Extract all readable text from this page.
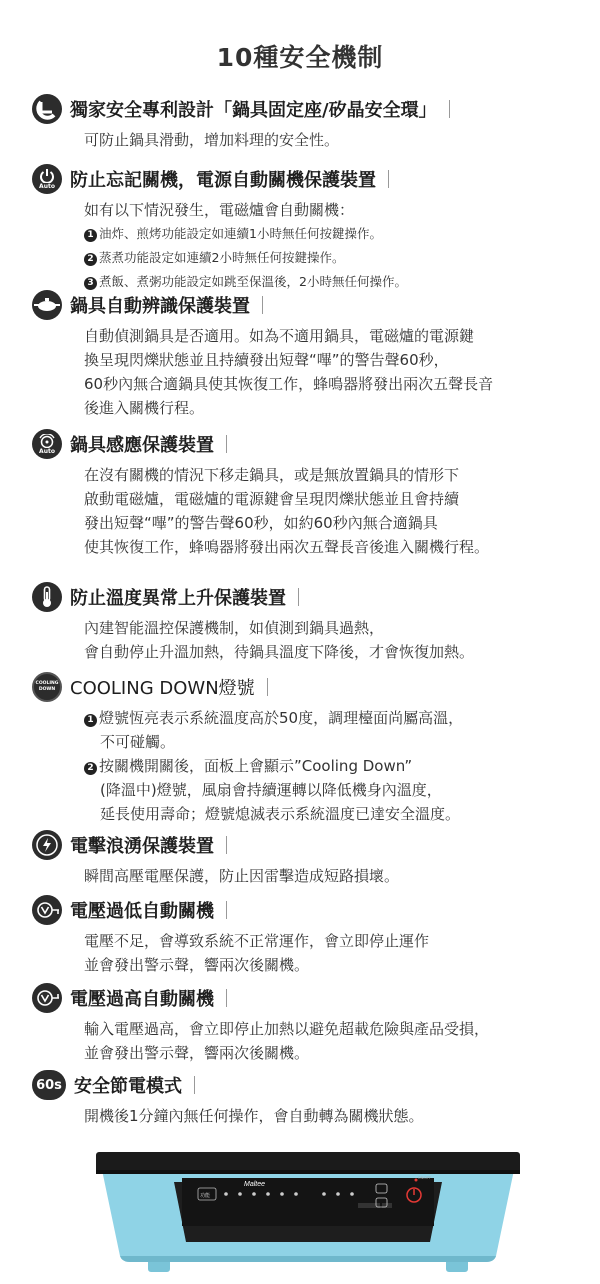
10種安全機制
獨家安全專利設計「鍋具固定座/矽晶安全環」

可防止鍋具滑動，增加料理的安全性。

Auto 防止忘記關機，電源自動關機保護裝置

如有以下情況發生，電磁爐會自動關機：

1 油炸、煎烤功能設定如連續1小時無任何按鍵操作。

2 蒸煮功能設定如連續2小時無任何按鍵操作。

3 煮飯、煮粥功能設定如跳至保溫後，2小時無任何操作。

鍋具自動辨識保護裝置

自動偵測鍋具是否適用。如為不適用鍋具，電磁爐的電源鍵

換呈現閃爍狀態並且持續發出短聲“嗶”的警告聲60秒，

60秒內無合適鍋具使其恢復工作，蜂鳴器將發出兩次五聲長音

後進入關機行程。

Auto 鍋具感應保護裝置

在沒有關機的情況下移走鍋具，或是無放置鍋具的情形下

啟動電磁爐，電磁爐的電源鍵會呈現閃爍狀態並且會持續

發出短聲“嗶”的警告聲60秒，如約60秒內無合適鍋具

使其恢復工作，蜂鳴器將發出兩次五聲長音後進入關機行程。

防止溫度異常上升保護裝置

內建智能溫控保護機制，如偵測到鍋具過熱，

會自動停止升溫加熱，待鍋具溫度下降後，才會恢復加熱。

COOLING DOWN COOLING DOWN燈號

1 燈號恆亮表示系統溫度高於50度，調理檯面尚屬高溫，

不可碰觸。

2 按關機開關後，面板上會顯示”Cooling Down”

(降溫中)燈號，風扇會持續運轉以降低機身內溫度，

延長使用壽命；燈號熄滅表示系統溫度已達安全溫度。

電擊浪湧保護裝置

瞬間高壓電壓保護，防止因雷擊造成短路損壞。

電壓過低自動關機

電壓不足，會導致系統不正常運作，會立即停止運作

並會發出警示聲，響兩次後關機。

電壓過高自動關機

輸入電壓過高，會立即停止加熱以避免超載危險與產品受損，

並會發出警示聲，響兩次後關機。

60s 安全節電模式

開機後1分鐘內無任何操作，會自動轉為關機狀態。

Maltee
功能
ON/OFF
